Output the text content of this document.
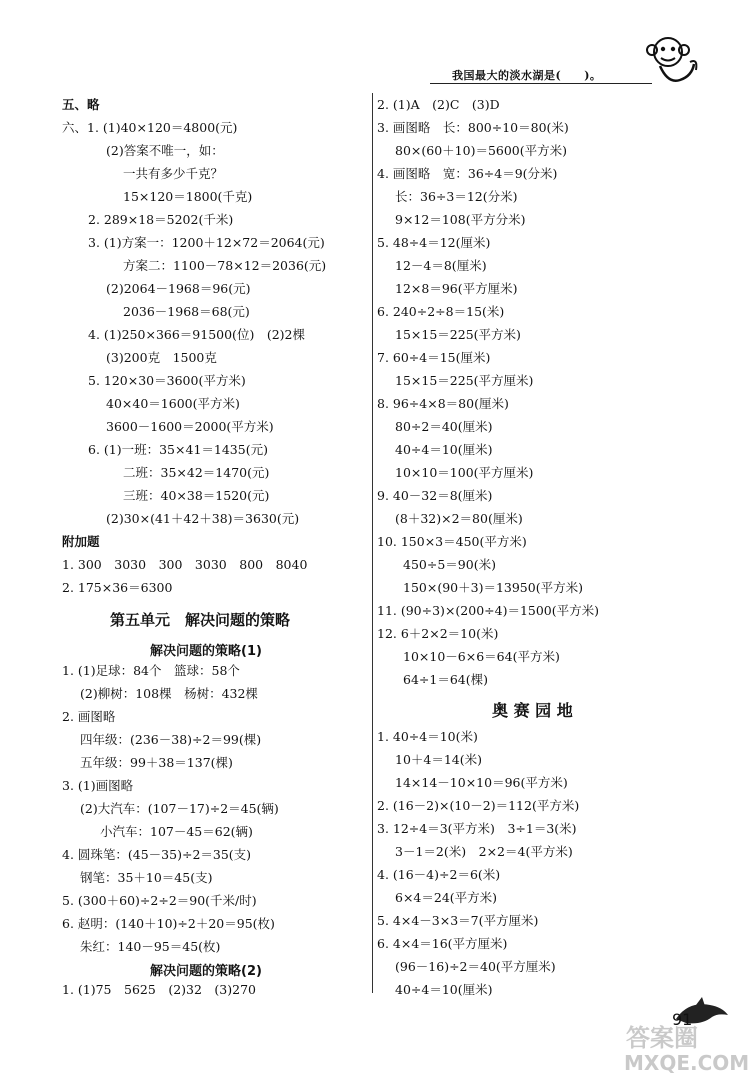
我国最大的淡水湖是(　　)。
五、略
六、1. (1)40×120＝4800(元)
(2)答案不唯一，如：
一共有多少千克？
15×120＝1800(千克)
2. 289×18＝5202(千米)
3. (1)方案一：1200＋12×72＝2064(元)
方案二：1100－78×12＝2036(元)
(2)2064－1968＝96(元)
2036－1968＝68(元)
4. (1)250×366＝91500(位)　(2)2棵
(3)200克　1500克
5. 120×30＝3600(平方米)
40×40＝1600(平方米)
3600－1600＝2000(平方米)
6. (1)一班：35×41＝1435(元)
二班：35×42＝1470(元)
三班：40×38＝1520(元)
(2)30×(41＋42＋38)＝3630(元)
附加题
1. 300　3030　300　3030　800　8040
2. 175×36＝6300
第五单元　解决问题的策略
解决问题的策略(1)
1. (1)足球：84个　篮球：58个
(2)柳树：108棵　杨树：432棵
2. 画图略
四年级：(236－38)÷2＝99(棵)
五年级：99＋38＝137(棵)
3. (1)画图略
(2)大汽车：(107－17)÷2＝45(辆)
小汽车：107－45＝62(辆)
4. 圆珠笔：(45－35)÷2＝35(支)
钢笔：35＋10＝45(支)
5. (300＋60)÷2÷2＝90(千米/时)
6. 赵明：(140＋10)÷2＋20＝95(枚)
朱红：140－95＝45(枚)
解决问题的策略(2)
1. (1)75　5625　(2)32　(3)270
2. (1)A　(2)C　(3)D
3. 画图略　长：800÷10＝80(米)
80×(60＋10)＝5600(平方米)
4. 画图略　宽：36÷4＝9(分米)
长：36÷3＝12(分米)
9×12＝108(平方分米)
5. 48÷4＝12(厘米)
12－4＝8(厘米)
12×8＝96(平方厘米)
6. 240÷2÷8＝15(米)
15×15＝225(平方米)
7. 60÷4＝15(厘米)
15×15＝225(平方厘米)
8. 96÷4×8＝80(厘米)
80÷2＝40(厘米)
40÷4＝10(厘米)
10×10＝100(平方厘米)
9. 40－32＝8(厘米)
(8＋32)×2＝80(厘米)
10. 150×3＝450(平方米)
450÷5＝90(米)
150×(90＋3)＝13950(平方米)
11. (90÷3)×(200÷4)＝1500(平方米)
12. 6＋2×2＝10(米)
10×10－6×6＝64(平方米)
64÷1＝64(棵)
奥 赛 园 地
1. 40÷4＝10(米)
10＋4＝14(米)
14×14－10×10＝96(平方米)
2. (16－2)×(10－2)＝112(平方米)
3. 12÷4＝3(平方米)　3÷1＝3(米)
3－1＝2(米)　2×2＝4(平方米)
4. (16－4)÷2＝6(米)
6×4＝24(平方米)
5. 4×4－3×3＝7(平方厘米)
6. 4×4＝16(平方厘米)
(96－16)÷2＝40(平方厘米)
40÷4＝10(厘米)
91
答案圈
MXQE.COM
